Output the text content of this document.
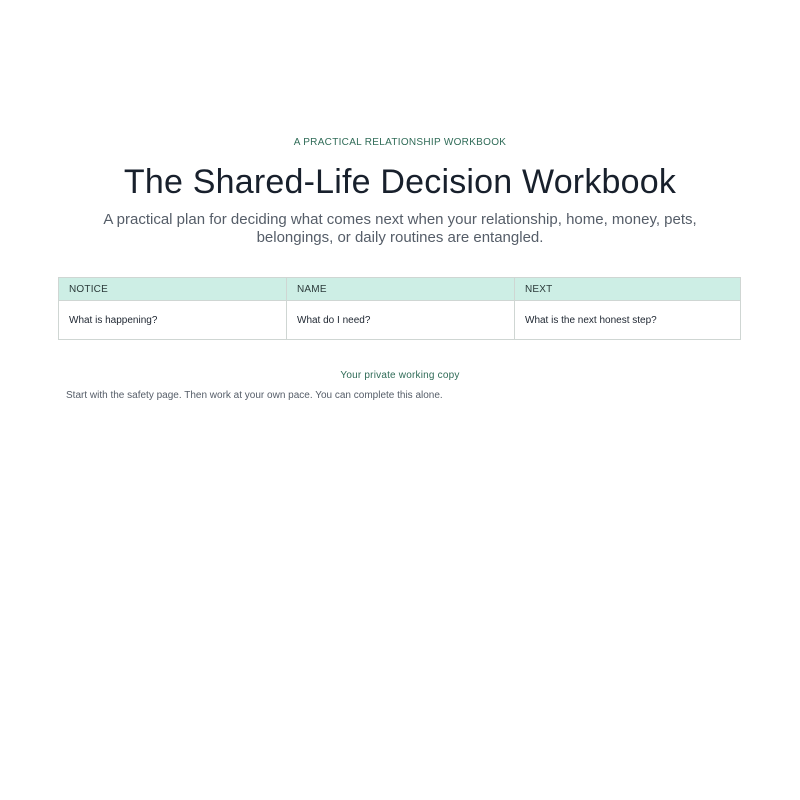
A PRACTICAL RELATIONSHIP WORKBOOK
The Shared-Life Decision Workbook

A practical plan for deciding what comes next when your relationship, home, money, pets, belongings, or daily routines are entangled.

NOTICE	NAME	NEXT
What is happening?	What do I need?	What is the next honest step?
Your private working copy
Start with the safety page. Then work at your own pace. You can complete this alone.
